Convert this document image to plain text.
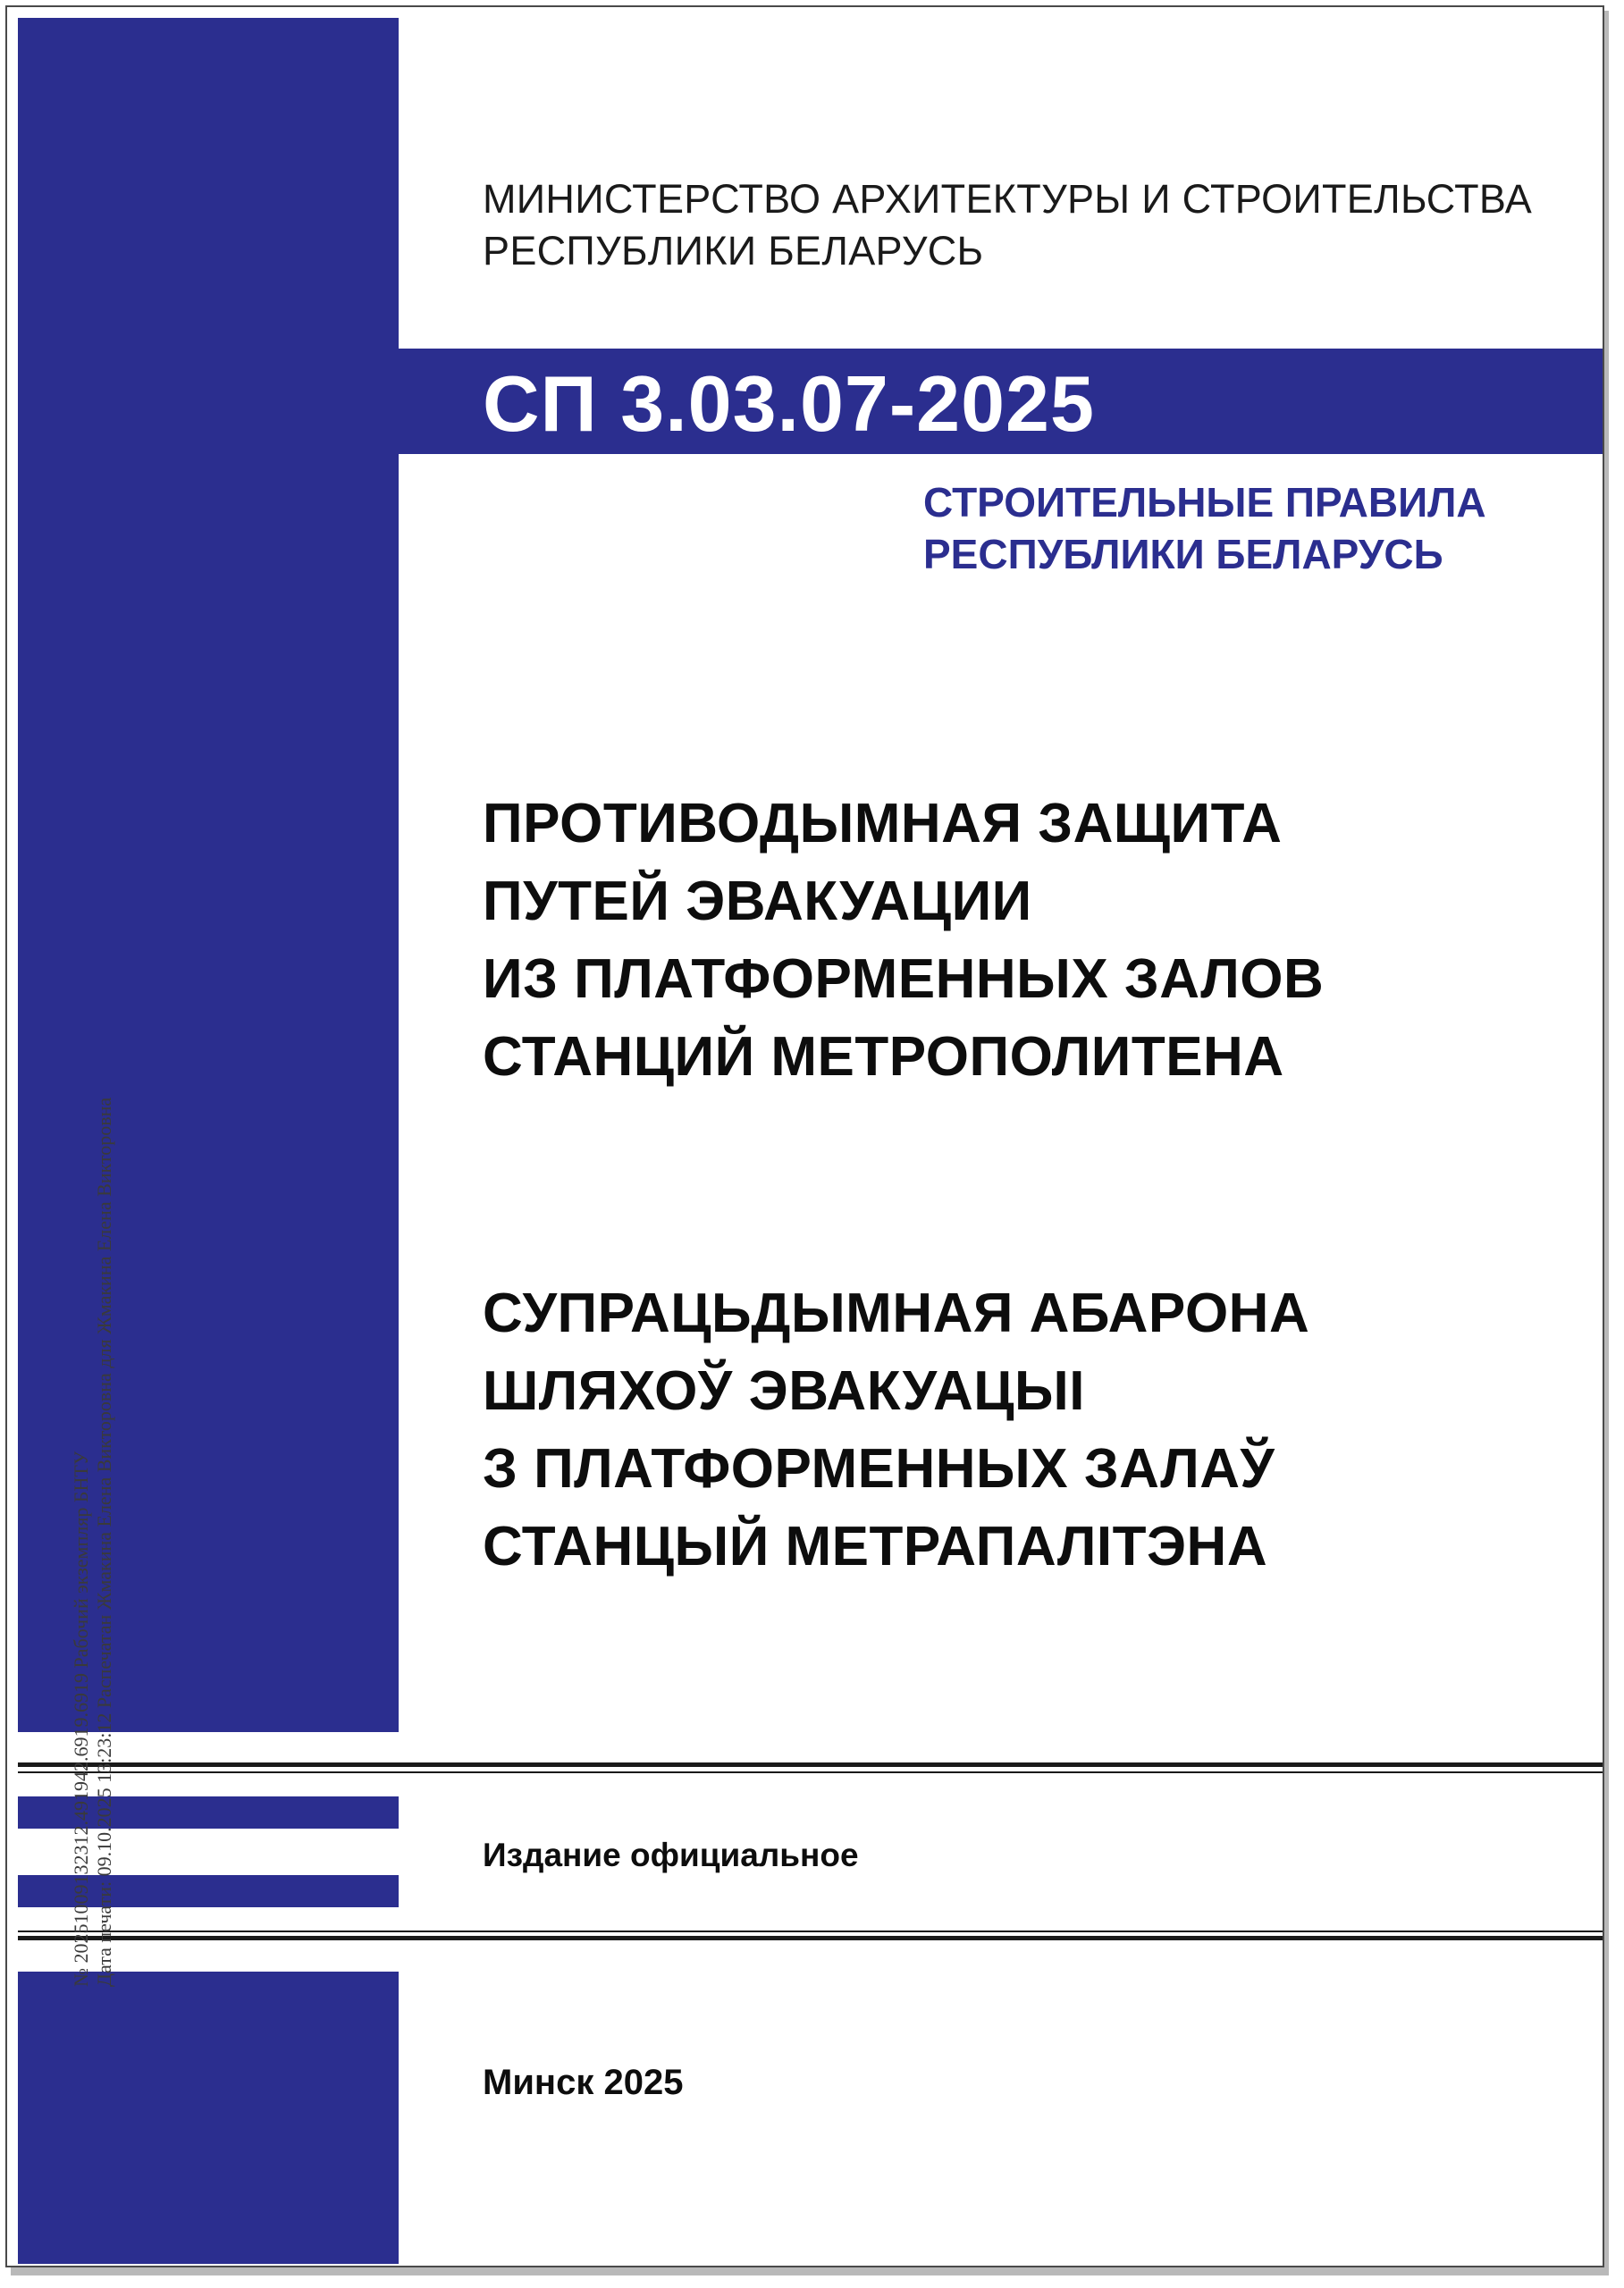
МИНИСТЕРСТВО АРХИТЕКТУРЫ И СТРОИТЕЛЬСТВА
РЕСПУБЛИКИ БЕЛАРУСЬ
СП 3.03.07-2025
СТРОИТЕЛЬНЫЕ ПРАВИЛА
РЕСПУБЛИКИ БЕЛАРУСЬ
ПРОТИВОДЫМНАЯ ЗАЩИТА
ПУТЕЙ ЭВАКУАЦИИ
ИЗ ПЛАТФОРМЕННЫХ ЗАЛОВ
СТАНЦИЙ МЕТРОПОЛИТЕНА
СУПРАЦЬДЫМНАЯ АБАРОНА
ШЛЯХОЎ ЭВАКУАЦЫІ
З ПЛАТФОРМЕННЫХ ЗАЛАЎ
СТАНЦЫЙ МЕТРАПАЛІТЭНА
Издание официальное
Минск 2025
№ 20251009132312.491942.6919.6919 Рабочий экземпляр БНТУ Дата печати: 09.10.2025 13:23:12 Распечатан Жмакина Елена Викторовна для Жмакина Елена Викторовна
